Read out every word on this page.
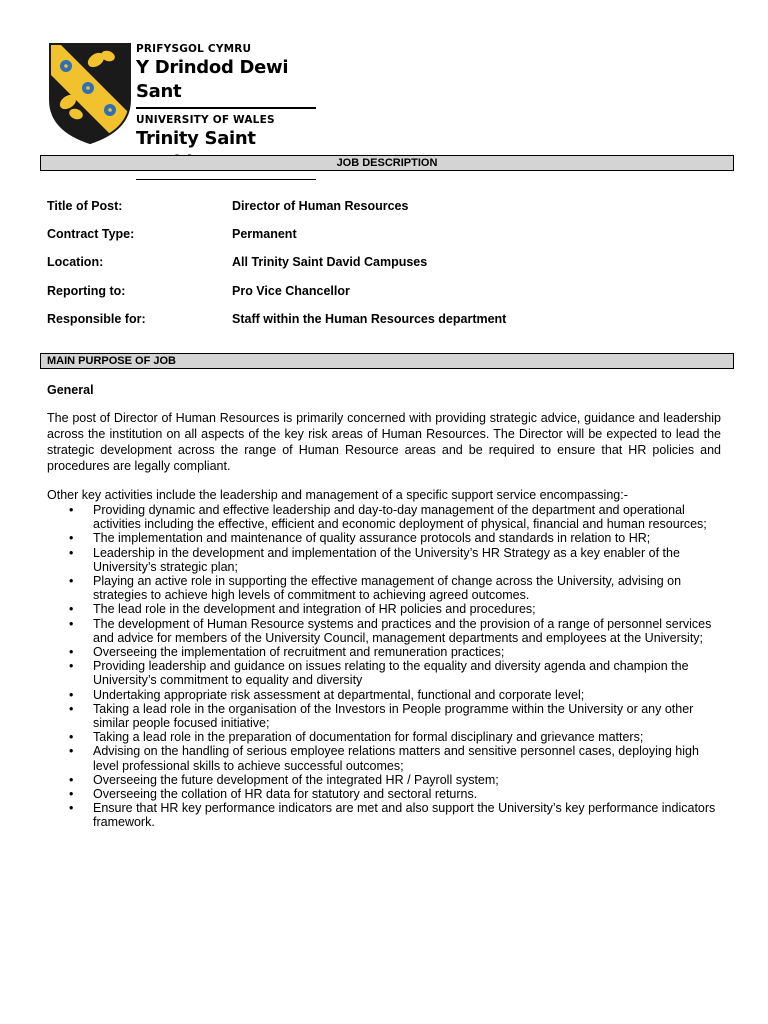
PRIFYSGOL CYMRU
Y Drindod Dewi Sant
UNIVERSITY OF WALES
Trinity Saint
JOB DESCRIPTION
Title of Post:	Director of Human Resources
Contract Type:	Permanent
Location:	All Trinity Saint David Campuses
Reporting to:	Pro Vice Chancellor
Responsible for:	Staff within the Human Resources department
MAIN PURPOSE OF JOB
General
The post of Director of Human Resources is primarily concerned with providing strategic advice, guidance and leadership across the institution on all aspects of the key risk areas of Human Resources. The Director will be expected to lead the strategic development across the range of Human Resource areas and be required to ensure that HR policies and procedures are legally compliant.
Other key activities include the leadership and management of a specific support service encompassing:-
• Providing dynamic and effective leadership and day-to-day management of the department and operational activities including the effective, efficient and economic deployment of physical, financial and human resources;
• The implementation and maintenance of quality assurance protocols and standards in relation to HR;
• Leadership in the development and implementation of the University’s HR Strategy as a key enabler of the University’s strategic plan;
• Playing an active role in supporting the effective management of change across the University, advising on strategies to achieve high levels of commitment to achieving agreed outcomes.
• The lead role in the development and integration of HR policies and procedures;
• The development of Human Resource systems and practices and the provision of a range of personnel services and advice for members of the University Council, management departments and employees at the University;
• Overseeing the implementation of recruitment and remuneration practices;
• Providing leadership and guidance on issues relating to the equality and diversity agenda and champion the University’s commitment to equality and diversity
• Undertaking appropriate risk assessment at departmental, functional and corporate level;
• Taking a lead role in the organisation of the Investors in People programme within the University or any other similar people focused initiative;
• Taking a lead role in the preparation of documentation for formal disciplinary and grievance matters;
• Advising on the handling of serious employee relations matters and sensitive personnel cases, deploying high level professional skills to achieve successful outcomes;
• Overseeing the future development of the integrated HR / Payroll system;
• Overseeing the collation of HR data for statutory and sectoral returns.
• Ensure that HR key performance indicators are met and also support the University’s key performance indicators framework.
